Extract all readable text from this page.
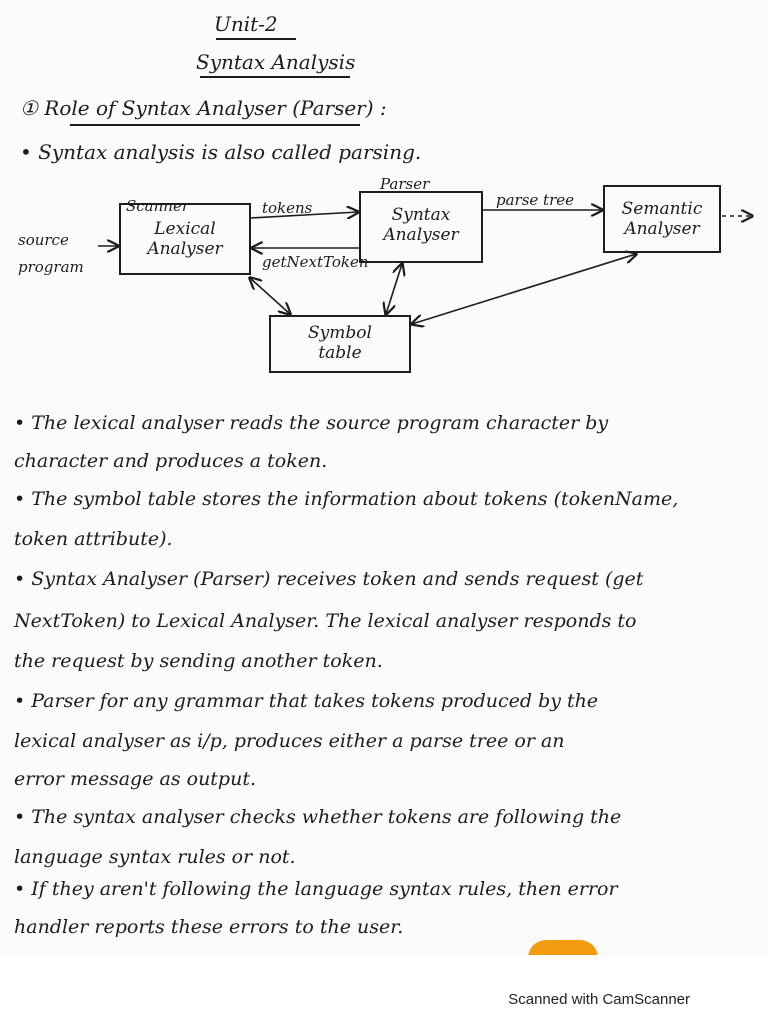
Unit-2
Syntax Analysis
① Role of Syntax Analyser (Parser) :
• Syntax analysis is also called parsing.
source
program
Scanner
Lexical
Analyser
tokens
getNextToken
Parser
Syntax
Analyser
parse tree	Semantic
Analyser
Symbol
table
• The lexical analyser reads the source program character by
character and produces a token.
• The symbol table stores the information about tokens (tokenName,
token attribute).
• Syntax Analyser (Parser) receives token and sends request (get
NextToken) to Lexical Analyser. The lexical analyser responds to
the request by sending another token.
• Parser for any grammar that takes tokens produced by the
lexical analyser as i/p, produces either a parse tree or an
error message as output.
• The syntax analyser checks whether tokens are following the
language syntax rules or not.
• If they aren't following the language syntax rules, then error
handler reports these errors to the user.
Scanned with CamScanner
